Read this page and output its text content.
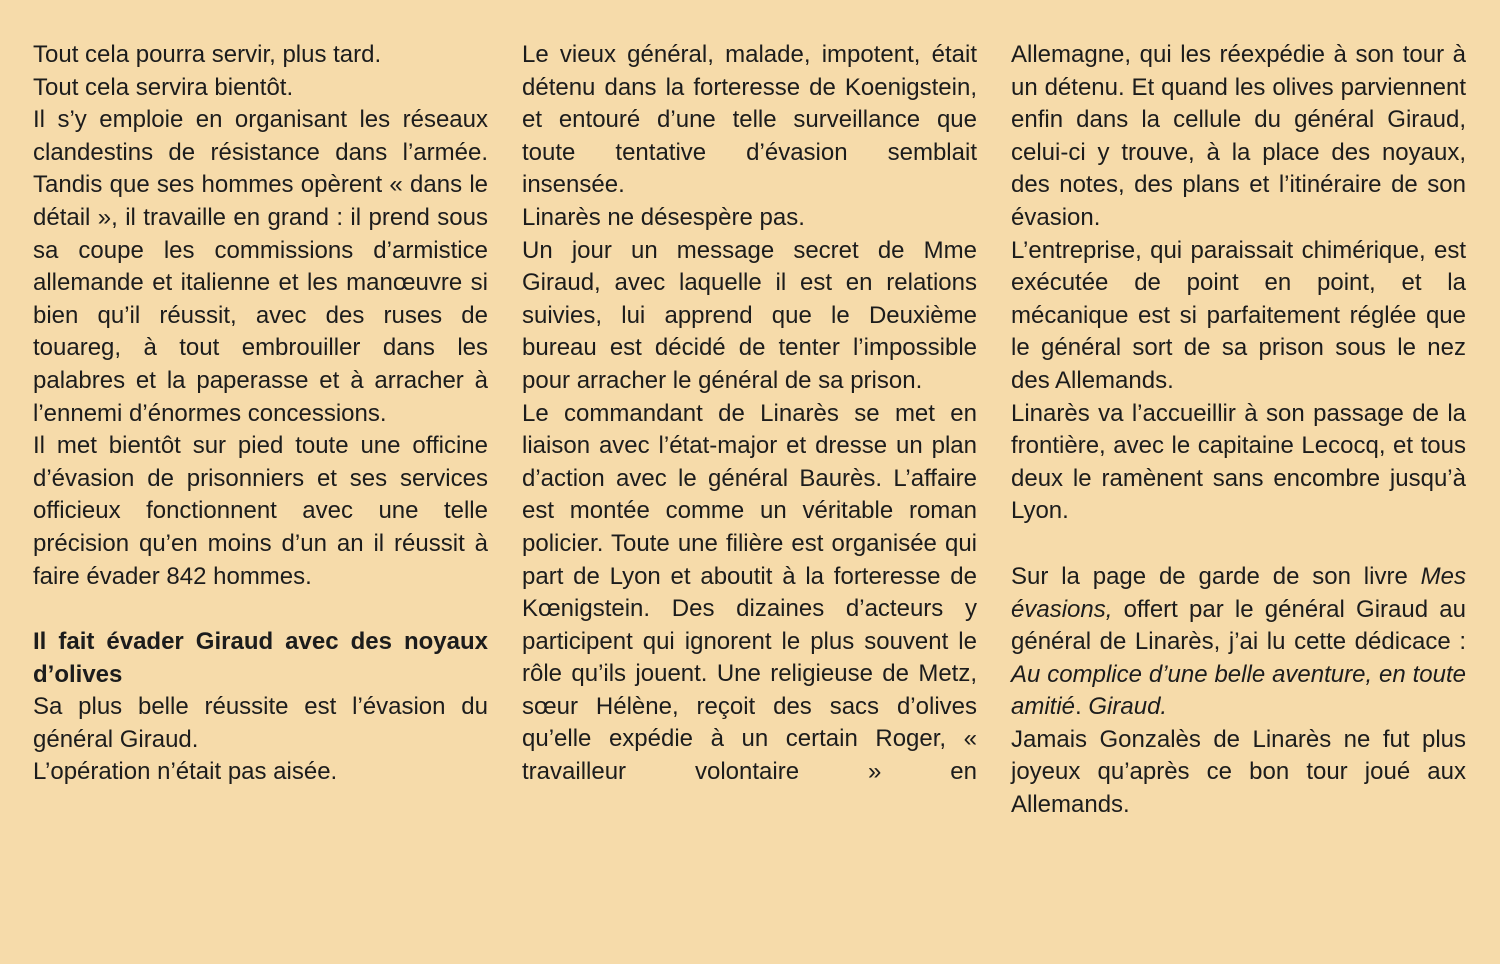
Tout cela pourra servir, plus tard.

Tout cela servira bientôt.

Il s’y emploie en organisant les réseaux clandestins de résistance dans l’armée. Tandis que ses hommes opèrent « dans le détail », il travaille en grand : il prend sous sa coupe les commissions d’armistice allemande et italienne et les manœuvre si bien qu’il réussit, avec des ruses de touareg, à tout embrouiller dans les palabres et la paperasse et à arracher à l’ennemi d’énormes concessions.

Il met bientôt sur pied toute une officine d’évasion de prisonniers et ses services officieux fonctionnent avec une telle précision qu’en moins d’un an il réussit à faire évader 842 hommes.

Il fait évader Giraud avec des noyaux d’olives

Sa plus belle réussite est l’évasion du général Giraud.

L’opération n’était pas aisée.

Le vieux général, malade, impotent, était détenu dans la forteresse de Koenigstein, et entouré d’une telle surveillance que toute tentative d’évasion semblait insensée.

Linarès ne désespère pas.

Un jour un message secret de Mme Giraud, avec laquelle il est en relations suivies, lui apprend que le Deuxième bureau est décidé de tenter l’impossible pour arracher le général de sa prison.

Le commandant de Linarès se met en liaison avec l’état-major et dresse un plan d’action avec le général Baurès. L’affaire est montée comme un véritable roman policier. Toute une filière est organisée qui part de Lyon et aboutit à la forteresse de Kœnigstein. Des dizaines d’acteurs y participent qui ignorent le plus souvent le rôle qu’ils jouent. Une religieuse de Metz, sœur Hélène, reçoit des sacs d’olives qu’elle expédie à un certain Roger, « travailleur volontaire » en

Allemagne, qui les réexpédie à son tour à un détenu. Et quand les olives parviennent enfin dans la cellule du général Giraud, celui-ci y trouve, à la place des noyaux, des notes, des plans et l’itinéraire de son évasion.

L’entreprise, qui paraissait chimérique, est exécutée de point en point, et la mécanique est si parfaitement réglée que le général sort de sa prison sous le nez des Allemands.

Linarès va l’accueillir à son passage de la frontière, avec le capitaine Lecocq, et tous deux le ramènent sans encombre jusqu’à Lyon.

Sur la page de garde de son livre Mes évasions, offert par le général Giraud au général de Linarès, j’ai lu cette dédicace : Au complice d’une belle aventure, en toute amitié. Giraud.

Jamais Gonzalès de Linarès ne fut plus joyeux qu’après ce bon tour joué aux Allemands.
